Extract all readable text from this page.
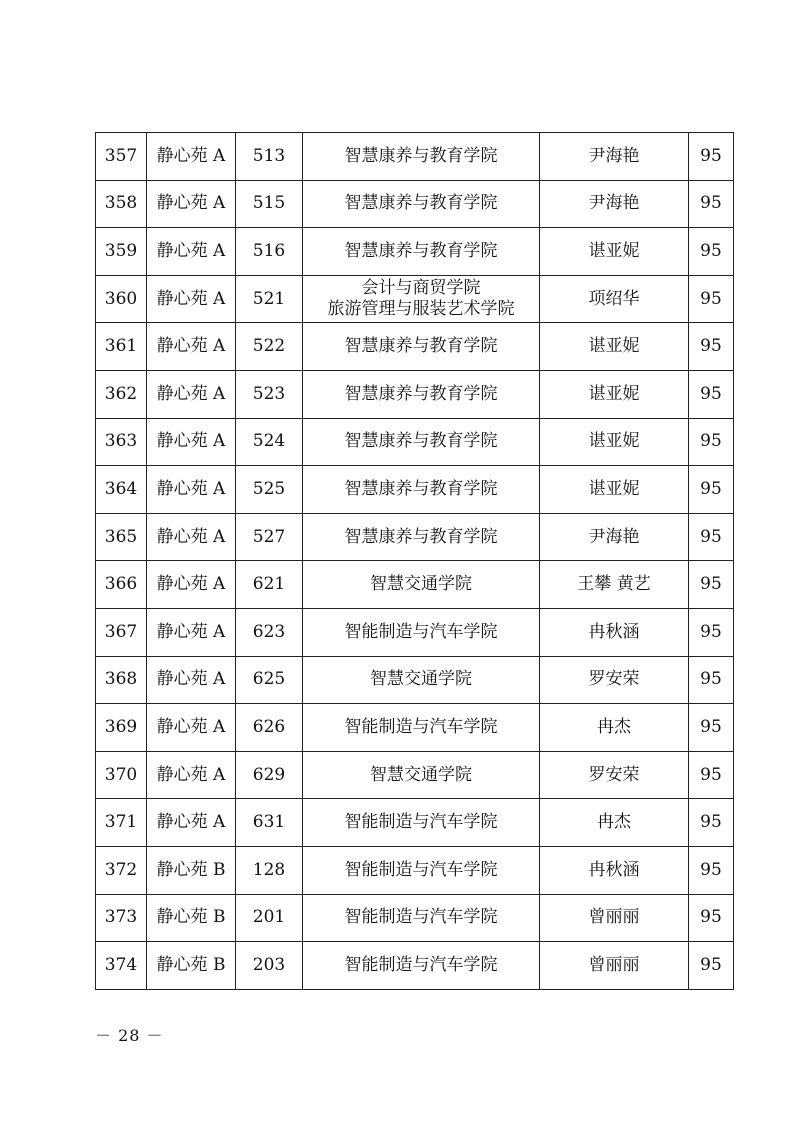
357	静心苑 A	513	智慧康养与教育学院	尹海艳	95
358	静心苑 A	515	智慧康养与教育学院	尹海艳	95
359	静心苑 A	516	智慧康养与教育学院	谌亚妮	95
360	静心苑 A	521	会计与商贸学院
旅游管理与服装艺术学院	项绍华	95
361	静心苑 A	522	智慧康养与教育学院	谌亚妮	95
362	静心苑 A	523	智慧康养与教育学院	谌亚妮	95
363	静心苑 A	524	智慧康养与教育学院	谌亚妮	95
364	静心苑 A	525	智慧康养与教育学院	谌亚妮	95
365	静心苑 A	527	智慧康养与教育学院	尹海艳	95
366	静心苑 A	621	智慧交通学院	王攀 黄艺	95
367	静心苑 A	623	智能制造与汽车学院	冉秋涵	95
368	静心苑 A	625	智慧交通学院	罗安荣	95
369	静心苑 A	626	智能制造与汽车学院	冉杰	95
370	静心苑 A	629	智慧交通学院	罗安荣	95
371	静心苑 A	631	智能制造与汽车学院	冉杰	95
372	静心苑 B	128	智能制造与汽车学院	冉秋涵	95
373	静心苑 B	201	智能制造与汽车学院	曾丽丽	95
374	静心苑 B	203	智能制造与汽车学院	曾丽丽	95
－ 28 －
